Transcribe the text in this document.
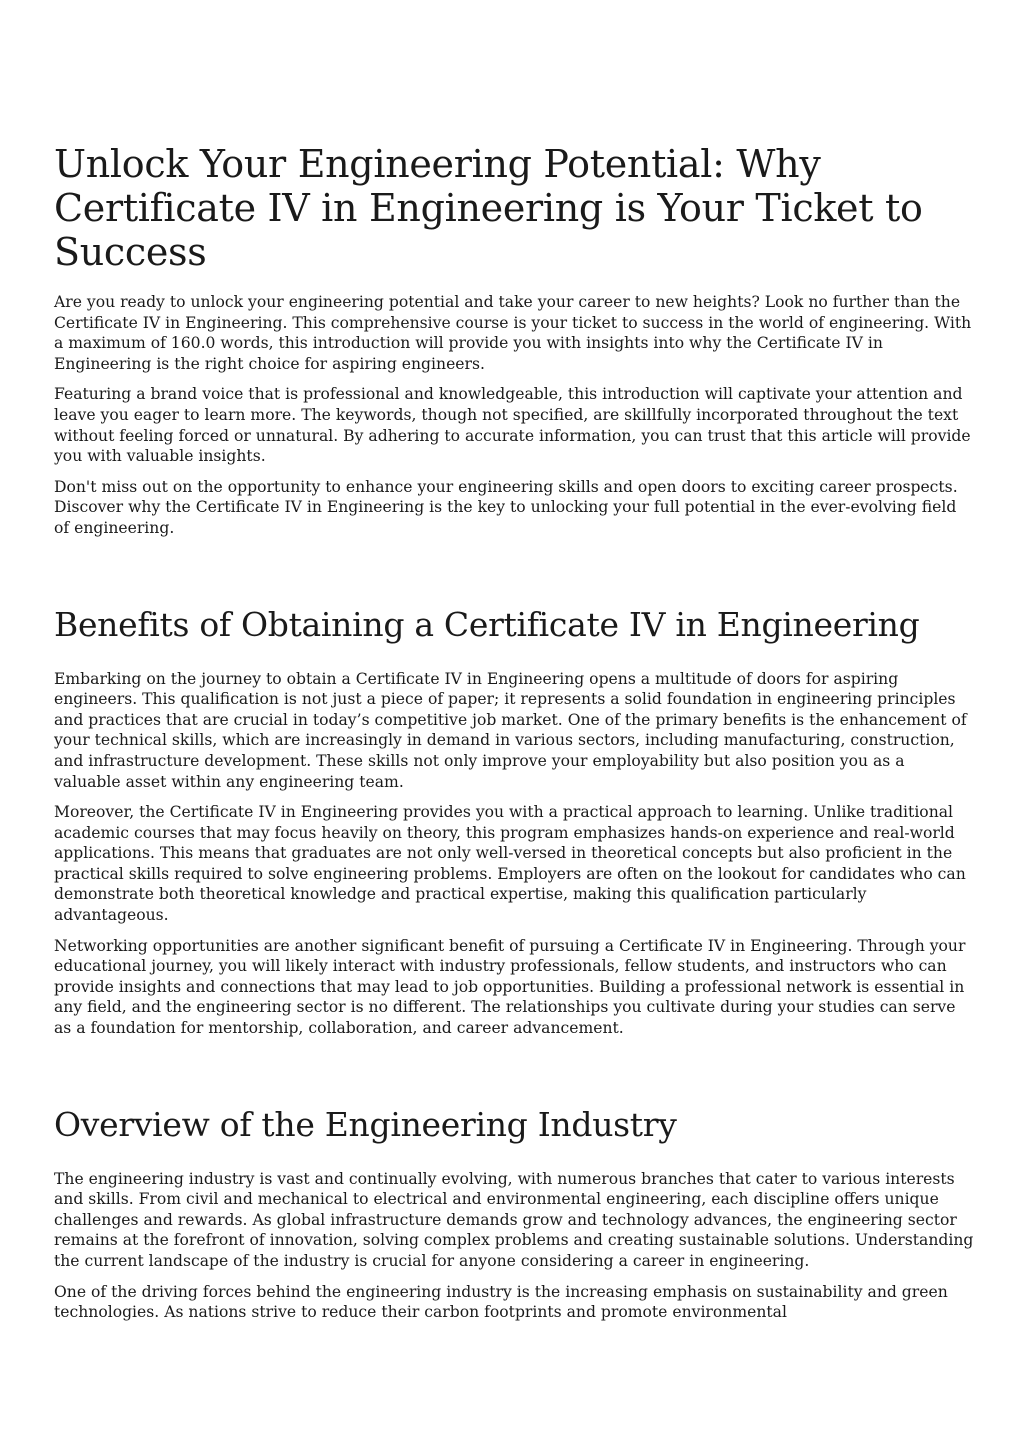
Unlock Your Engineering Potential: Why Certificate IV in Engineering is Your Ticket to Success

Are you ready to unlock your engineering potential and take your career to new heights? Look no further than the Certificate IV in Engineering. This comprehensive course is your ticket to success in the world of engineering. With a maximum of 160.0 words, this introduction will provide you with insights into why the Certificate IV in Engineering is the right choice for aspiring engineers.

Featuring a brand voice that is professional and knowledgeable, this introduction will captivate your attention and leave you eager to learn more. The keywords, though not specified, are skillfully incorporated throughout the text without feeling forced or unnatural. By adhering to accurate information, you can trust that this article will provide you with valuable insights.

Don't miss out on the opportunity to enhance your engineering skills and open doors to exciting career prospects. Discover why the Certificate IV in Engineering is the key to unlocking your full potential in the ever-evolving field of engineering.

Benefits of Obtaining a Certificate IV in Engineering

Embarking on the journey to obtain a Certificate IV in Engineering opens a multitude of doors for aspiring engineers. This qualification is not just a piece of paper; it represents a solid foundation in engineering principles and practices that are crucial in today’s competitive job market. One of the primary benefits is the enhancement of your technical skills, which are increasingly in demand in various sectors, including manufacturing, construction, and infrastructure development. These skills not only improve your employability but also position you as a valuable asset within any engineering team.

Moreover, the Certificate IV in Engineering provides you with a practical approach to learning. Unlike traditional academic courses that may focus heavily on theory, this program emphasizes hands-on experience and real-world applications. This means that graduates are not only well-versed in theoretical concepts but also proficient in the practical skills required to solve engineering problems. Employers are often on the lookout for candidates who can demonstrate both theoretical knowledge and practical expertise, making this qualification particularly advantageous.

Networking opportunities are another significant benefit of pursuing a Certificate IV in Engineering. Through your educational journey, you will likely interact with industry professionals, fellow students, and instructors who can provide insights and connections that may lead to job opportunities. Building a professional network is essential in any field, and the engineering sector is no different. The relationships you cultivate during your studies can serve as a foundation for mentorship, collaboration, and career advancement.

Overview of the Engineering Industry

The engineering industry is vast and continually evolving, with numerous branches that cater to various interests and skills. From civil and mechanical to electrical and environmental engineering, each discipline offers unique challenges and rewards. As global infrastructure demands grow and technology advances, the engineering sector remains at the forefront of innovation, solving complex problems and creating sustainable solutions. Understanding the current landscape of the industry is crucial for anyone considering a career in engineering.

One of the driving forces behind the engineering industry is the increasing emphasis on sustainability and green technologies. As nations strive to reduce their carbon footprints and promote environmental
